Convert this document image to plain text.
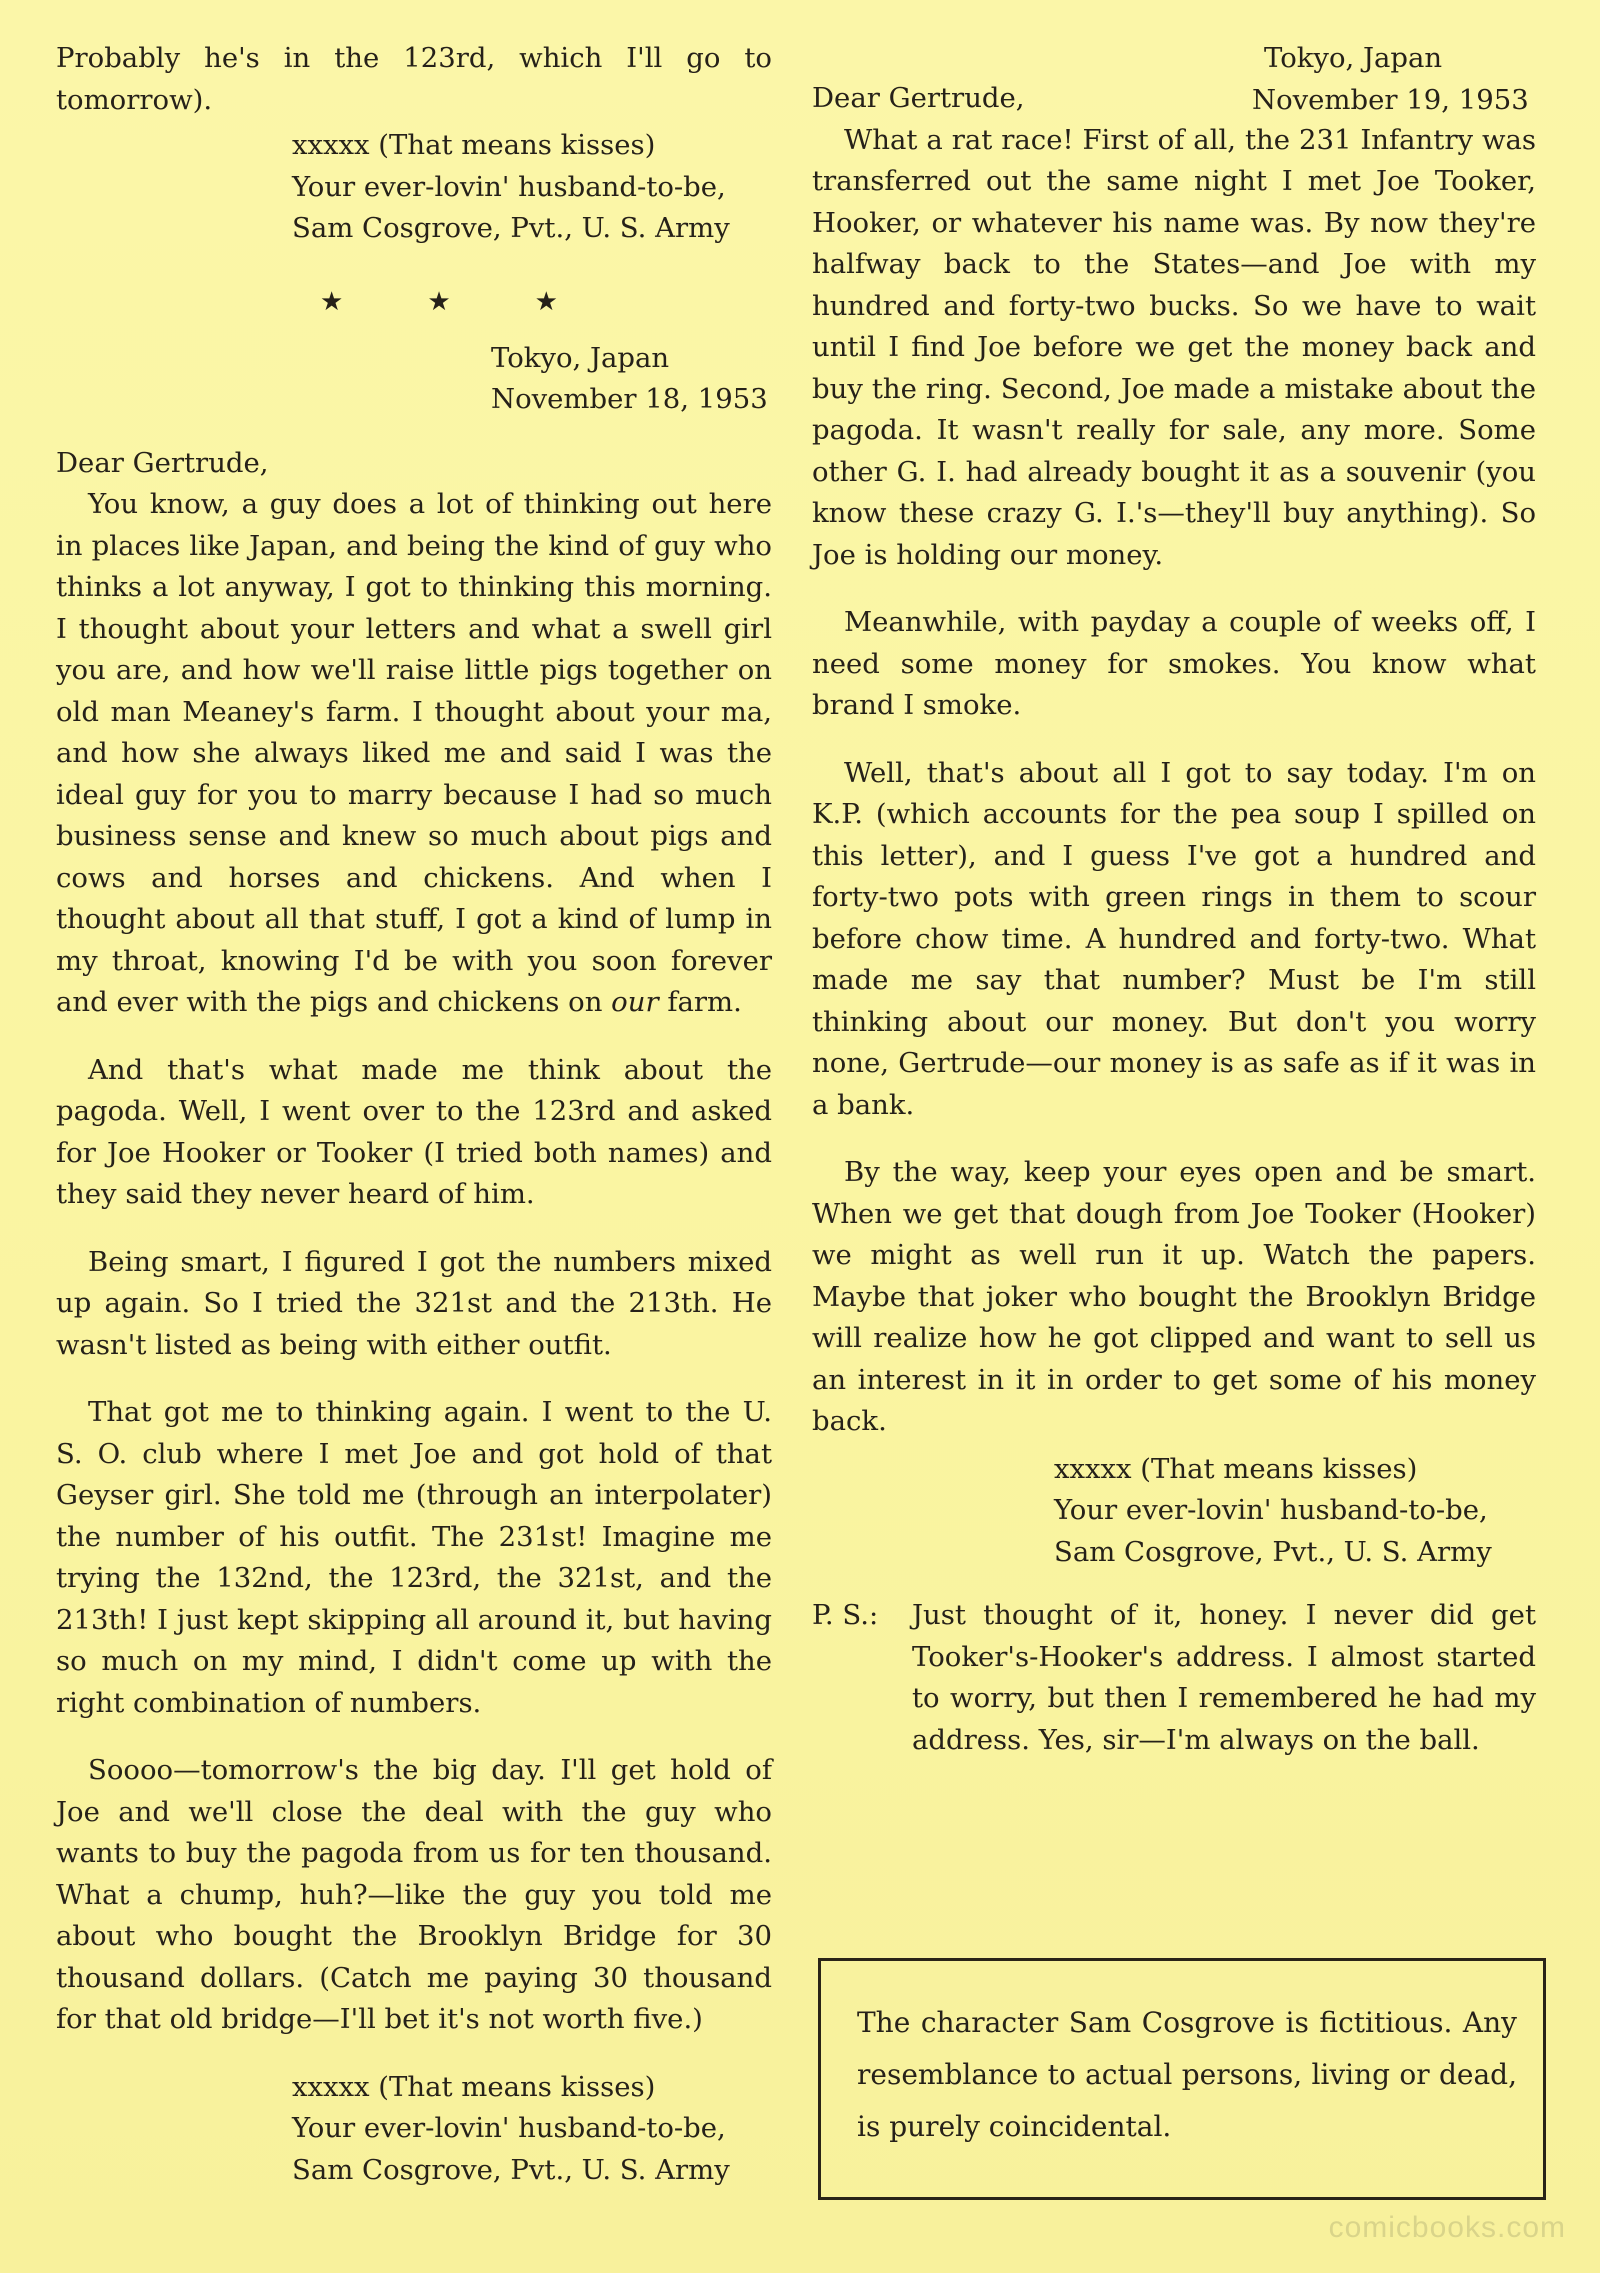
Probably he's in the 123rd, which I'll go to tomorrow).

xxxxx (That means kisses)
Your ever-lovin' husband-to-be,
Sam Cosgrove, Pvt., U. S. Army
★	★	★
Tokyo, Japan
November 18, 1953

Dear Gertrude,

You know, a guy does a lot of thinking out here in places like Japan, and being the kind of guy who thinks a lot anyway, I got to thinking this morning. I thought about your letters and what a swell girl you are, and how we'll raise little pigs together on old man Meaney's farm. I thought about your ma, and how she always liked me and said I was the ideal guy for you to marry because I had so much business sense and knew so much about pigs and cows and horses and chickens. And when I thought about all that stuff, I got a kind of lump in my throat, knowing I'd be with you soon forever and ever with the pigs and chickens on our farm.

And that's what made me think about the pagoda. Well, I went over to the 123rd and asked for Joe Hooker or Tooker (I tried both names) and they said they never heard of him.

Being smart, I figured I got the numbers mixed up again. So I tried the 321st and the 213th. He wasn't listed as being with either outfit.

That got me to thinking again. I went to the U. S. O. club where I met Joe and got hold of that Geyser girl. She told me (through an interpolater) the number of his outfit. The 231st! Imagine me trying the 132nd, the 123rd, the 321st, and the 213th! I just kept skipping all around it, but having so much on my mind, I didn't come up with the right combination of numbers.

Soooo—tomorrow's the big day. I'll get hold of Joe and we'll close the deal with the guy who wants to buy the pagoda from us for ten thousand. What a chump, huh?—like the guy you told me about who bought the Brooklyn Bridge for 30 thousand dollars. (Catch me paying 30 thousand for that old bridge—I'll bet it's not worth five.)

xxxxx (That means kisses)
Your ever-lovin' husband-to-be,
Sam Cosgrove, Pvt., U. S. Army
Tokyo, Japan
November 19, 1953

Dear Gertrude,

What a rat race! First of all, the 231 Infantry was transferred out the same night I met Joe Tooker, Hooker, or whatever his name was. By now they're halfway back to the States—and Joe with my hundred and forty-two bucks. So we have to wait until I find Joe before we get the money back and buy the ring. Second, Joe made a mistake about the pagoda. It wasn't really for sale, any more. Some other G. I. had already bought it as a souvenir (you know these crazy G. I.'s—they'll buy anything). So Joe is holding our money.

Meanwhile, with payday a couple of weeks off, I need some money for smokes. You know what brand I smoke.

Well, that's about all I got to say today. I'm on K.P. (which accounts for the pea soup I spilled on this letter), and I guess I've got a hundred and forty-two pots with green rings in them to scour before chow time. A hundred and forty-two. What made me say that number? Must be I'm still thinking about our money. But don't you worry none, Gertrude—our money is as safe as if it was in a bank.

By the way, keep your eyes open and be smart. When we get that dough from Joe Tooker (Hooker) we might as well run it up. Watch the papers. Maybe that joker who bought the Brooklyn Bridge will realize how he got clipped and want to sell us an interest in it in order to get some of his money back.

xxxxx (That means kisses)
Your ever-lovin' husband-to-be,
Sam Cosgrove, Pvt., U. S. Army
P. S.:	Just thought of it, honey. I never did get Tooker's-Hooker's address. I almost started to worry, but then I remembered he had my address. Yes, sir—I'm always on the ball.
The character Sam Cosgrove is fictitious. Any resemblance to actual persons, living or dead, is purely coincidental.
comicbooks.com
